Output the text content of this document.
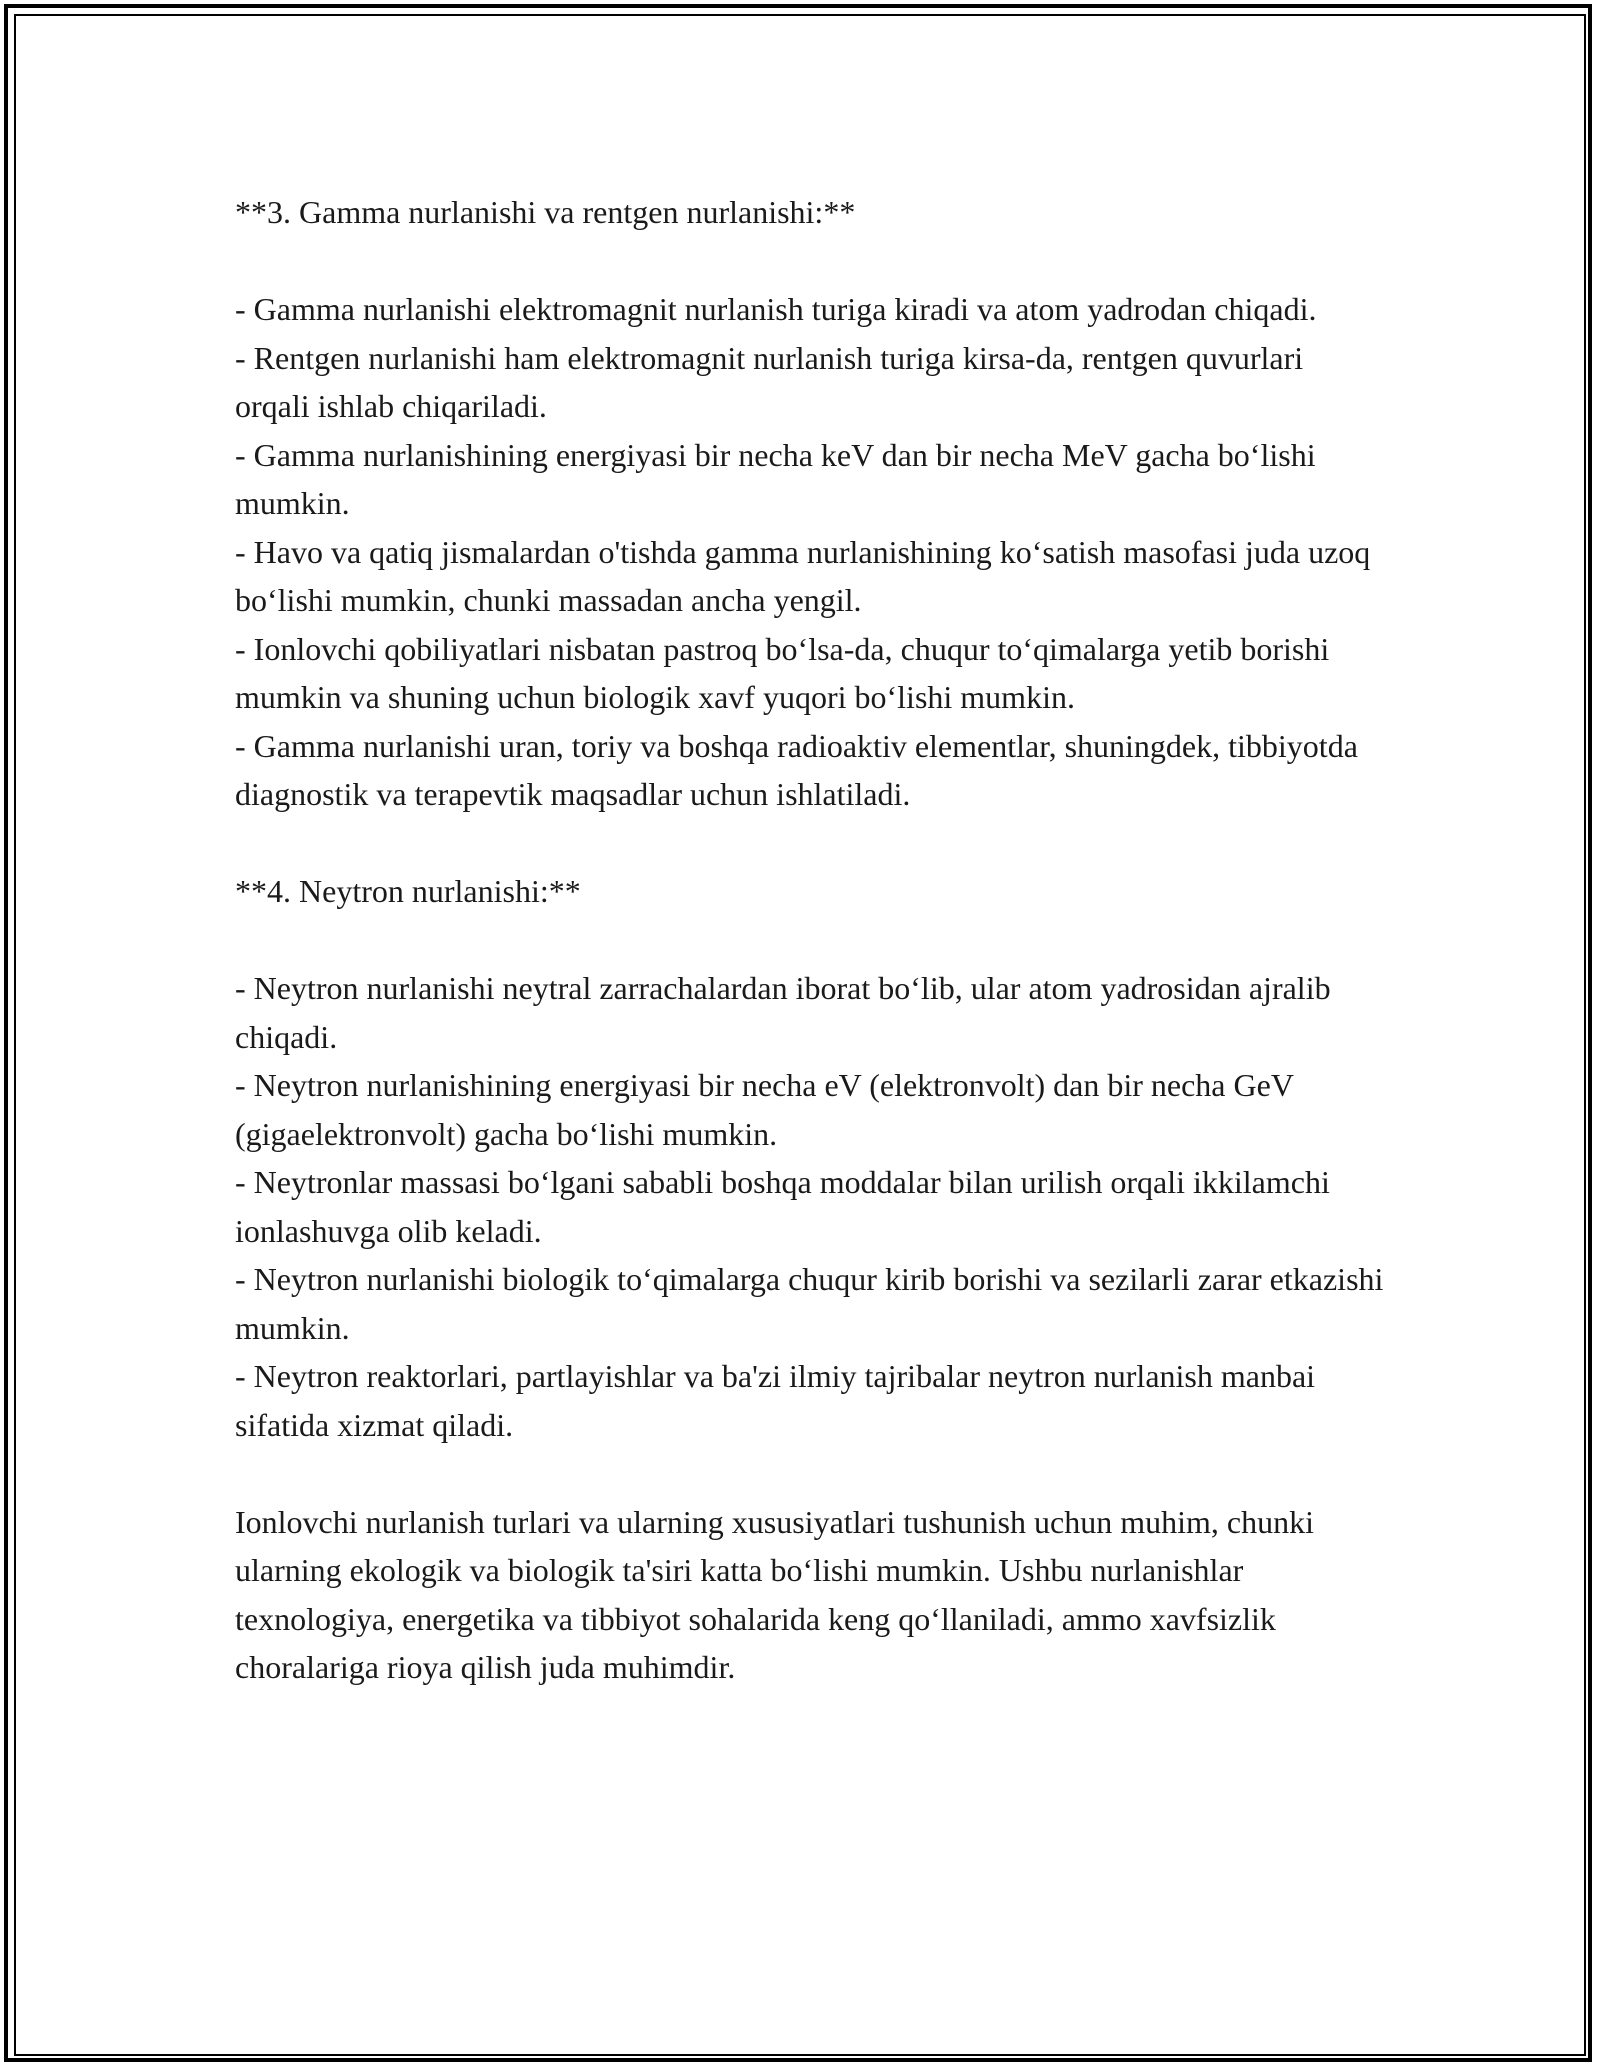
**3. Gamma nurlanishi va rentgen nurlanishi:**
- Gamma nurlanishi elektromagnit nurlanish turiga kiradi va atom yadrodan chiqadi.
- Rentgen nurlanishi ham elektromagnit nurlanish turiga kirsa-da, rentgen quvurlari orqali ishlab chiqariladi.
- Gamma nurlanishining energiyasi bir necha keV dan bir necha MeV gacha bo‘lishi mumkin.
- Havo va qatiq jismalardan o'tishda gamma nurlanishining ko‘satish masofasi juda uzoq bo‘lishi mumkin, chunki massadan ancha yengil.
- Ionlovchi qobiliyatlari nisbatan pastroq bo‘lsa-da, chuqur to‘qimalarga yetib borishi mumkin va shuning uchun biologik xavf yuqori bo‘lishi mumkin.
- Gamma nurlanishi uran, toriy va boshqa radioaktiv elementlar, shuningdek, tibbiyotda diagnostik va terapevtik maqsadlar uchun ishlatiladi.
**4. Neytron nurlanishi:**
- Neytron nurlanishi neytral zarrachalardan iborat bo‘lib, ular atom yadrosidan ajralib chiqadi.
- Neytron nurlanishining energiyasi bir necha eV (elektronvolt) dan bir necha GeV (gigaelektronvolt) gacha bo‘lishi mumkin.
- Neytronlar massasi bo‘lgani sababli boshqa moddalar bilan urilish orqali ikkilamchi ionlashuvga olib keladi.
- Neytron nurlanishi biologik to‘qimalarga chuqur kirib borishi va sezilarli zarar etkazishi mumkin.
- Neytron reaktorlari, partlayishlar va ba'zi ilmiy tajribalar neytron nurlanish manbai sifatida xizmat qiladi.

Ionlovchi nurlanish turlari va ularning xususiyatlari tushunish uchun muhim, chunki ularning ekologik va biologik ta'siri katta bo‘lishi mumkin. Ushbu nurlanishlar texnologiya, energetika va tibbiyot sohalarida keng qo‘llaniladi, ammo xavfsizlik choralariga rioya qilish juda muhimdir.
